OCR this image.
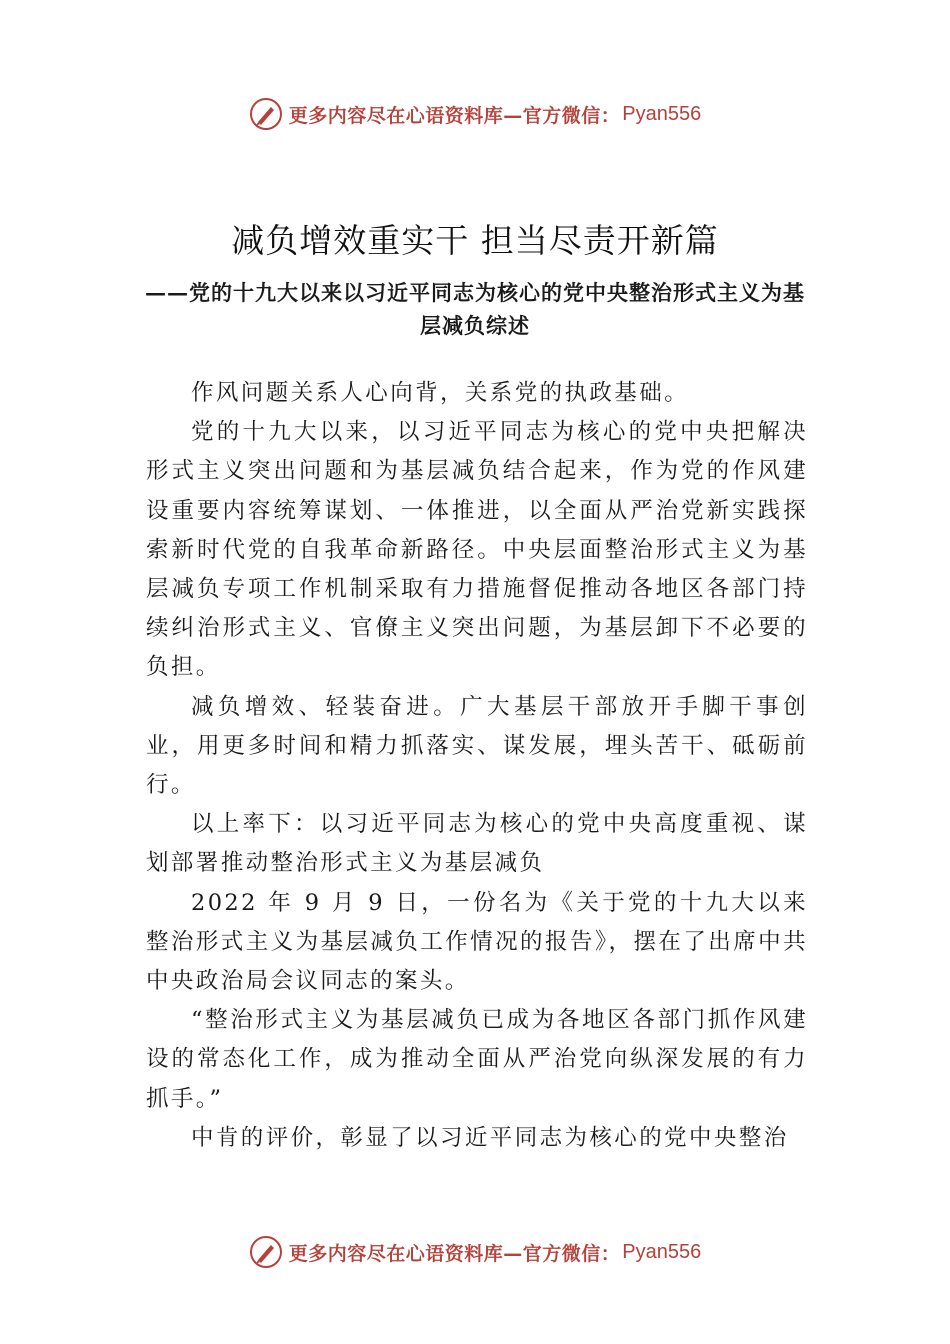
更多内容尽在心语资料库—官方微信： Pyan556
减负增效重实干 担当尽责开新篇
——党的十九大以来以习近平同志为核心的党中央整治形式主义为基层减负综述

作风问题关系人心向背，关系党的执政基础。

党的十九大以来，以习近平同志为核心的党中央把解决形式主义突出问题和为基层减负结合起来，作为党的作风建设重要内容统筹谋划、一体推进，以全面从严治党新实践探索新时代党的自我革命新路径。中央层面整治形式主义为基层减负专项工作机制采取有力措施督促推动各地区各部门持续纠治形式主义、官僚主义突出问题，为基层卸下不必要的负担。

减负增效、轻装奋进。广大基层干部放开手脚干事创业，用更多时间和精力抓落实、谋发展，埋头苦干、砥砺前行。

以上率下：以习近平同志为核心的党中央高度重视、谋划部署推动整治形式主义为基层减负

2022 年 9 月 9 日，一份名为《关于党的十九大以来整治形式主义为基层减负工作情况的报告》，摆在了出席中共中央政治局会议同志的案头。

“整治形式主义为基层减负已成为各地区各部门抓作风建设的常态化工作，成为推动全面从严治党向纵深发展的有力抓手。”

中肯的评价，彰显了以习近平同志为核心的党中央整治

更多内容尽在心语资料库—官方微信： Pyan556
